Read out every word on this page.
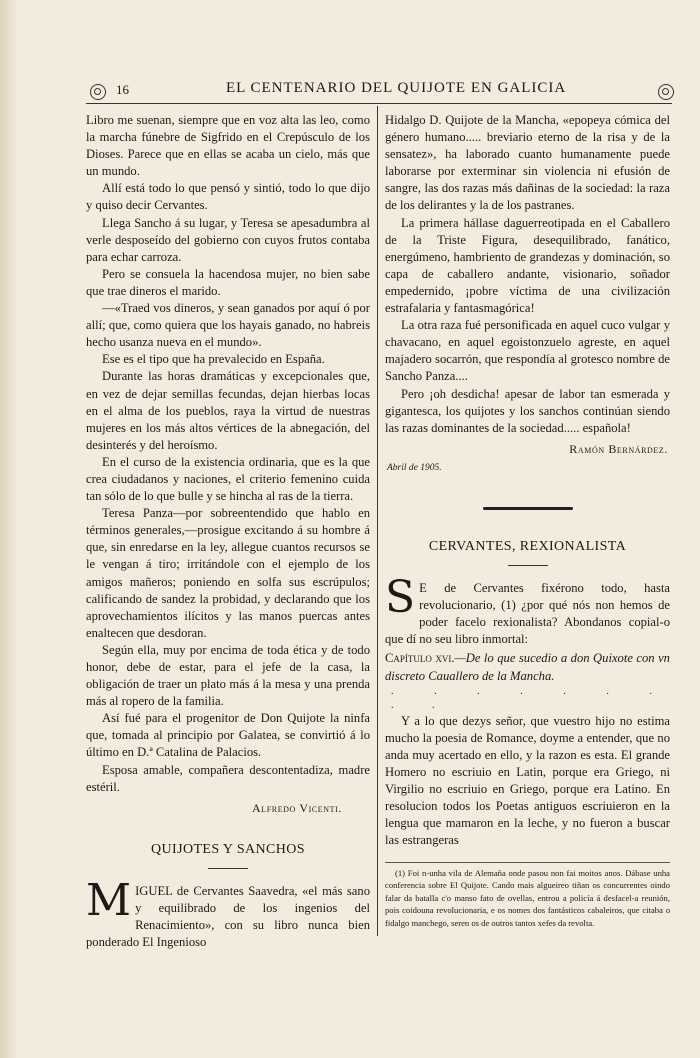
16	EL CENTENARIO DEL QUIJOTE EN GALICIA

Libro me suenan, siempre que en voz alta las leo, como la marcha fúnebre de Sigfrido en el Crepúsculo de los Dioses. Parece que en ellas se acaba un cielo, más que un mundo.

Allí está todo lo que pensó y sintió, todo lo que dijo y quiso decir Cervantes.

Llega Sancho á su lugar, y Teresa se apesadumbra al verle desposeído del gobierno con cuyos frutos contaba para echar carroza.

Pero se consuela la hacendosa mujer, no bien sabe que trae dineros el marido.

—«Traed vos dineros, y sean ganados por aquí ó por allí; que, como quiera que los hayais ganado, no habreis hecho usanza nueva en el mundo».

Ese es el tipo que ha prevalecido en España.

Durante las horas dramáticas y excepcionales que, en vez de dejar semillas fecundas, dejan hierbas locas en el alma de los pueblos, raya la virtud de nuestras mujeres en los más altos vértices de la abnegación, del desinterés y del heroísmo.

En el curso de la existencia ordinaria, que es la que crea ciudadanos y naciones, el criterio femenino cuida tan sólo de lo que bulle y se hincha al ras de la tierra.

Teresa Panza—por sobreentendido que hablo en términos generales,—prosigue excitando á su hombre á que, sin enredarse en la ley, allegue cuantos recursos se le vengan á tiro; irritándole con el ejemplo de los amigos mañeros; poniendo en solfa sus escrúpulos; calificando de sandez la probidad, y declarando que los aprovechamientos ilícitos y las manos puercas antes enaltecen que desdoran.

Según ella, muy por encima de toda ética y de todo honor, debe de estar, para el jefe de la casa, la obligación de traer un plato más á la mesa y una prenda más al ropero de la familia.

Así fué para el progenitor de Don Quijote la ninfa que, tomada al principio por Galatea, se convirtió á lo último en D.ª Catalina de Palacios.

Esposa amable, compañera descontentadiza, madre estéril.

Alfredo Vicenti.

QUIJOTES Y SANCHOS

MIGUEL de Cervantes Saavedra, «el más sano y equilibrado de los ingenios del Renacimiento», con su libro nunca bien ponderado El Ingenioso

Hidalgo D. Quijote de la Mancha, «epopeya cómica del género humano..... breviario eterno de la risa y de la sensatez», ha laborado cuanto humanamente puede laborarse por exterminar sin violencia ni efusión de sangre, las dos razas más dañinas de la sociedad: la raza de los delirantes y la de los pastranes.

La primera hállase daguerreotipada en el Caballero de la Triste Figura, desequilibrado, fanático, energúmeno, hambriento de grandezas y dominación, so capa de caballero andante, visionario, soñador empedernido, ¡pobre víctima de una civilización estrafalaria y fantasmagórica!

La otra raza fué personificada en aquel cuco vulgar y chavacano, en aquel egoistonzuelo agreste, en aquel majadero socarrón, que respondía al grotesco nombre de Sancho Panza....

Pero ¡oh desdicha! apesar de labor tan esmerada y gigantesca, los quijotes y los sanchos continúan siendo las razas dominantes de la sociedad..... española!

Ramón Bernárdez.

Abril de 1905.

CERVANTES, REXIONALISTA

S E de Cervantes fixérono todo, hasta revolucionario, (1) ¿por qué nós non hemos de poder facelo rexionalista? Abondanos copial-o que dí no seu libro inmortal:

Capítulo xvi.—De lo que sucedio a don Quixote con vn discreto Cauallero de la Mancha.

. . . . . . . . .

Y a lo que dezys señor, que vuestro hijo no estima mucho la poesia de Romance, doyme a entender, que no anda muy acertado en ello, y la razon es esta. El grande Homero no escriuio en Latin, porque era Griego, ni Virgilio no escriuio en Griego, porque era Latino. En resolucion todos los Poetas antiguos escriuieron en la lengua que mamaron en la leche, y no fueron a buscar las estrangeras

(1) Foi n-unha vila de Alemaña onde pasou non fai moitos anos. Dábase unha conferencia sobre El Quijote. Cando mais algueireo tiñan os concurrentes oindo falar da batalla c'o manso fato de ovellas, entrou a policía á desfacel-a reunión, pois coidouna revolucionaria, e os nomes dos fantásticos cabaleiros, que citaba o fidalgo manchego, seren os de outros tantos xefes da revolta.
